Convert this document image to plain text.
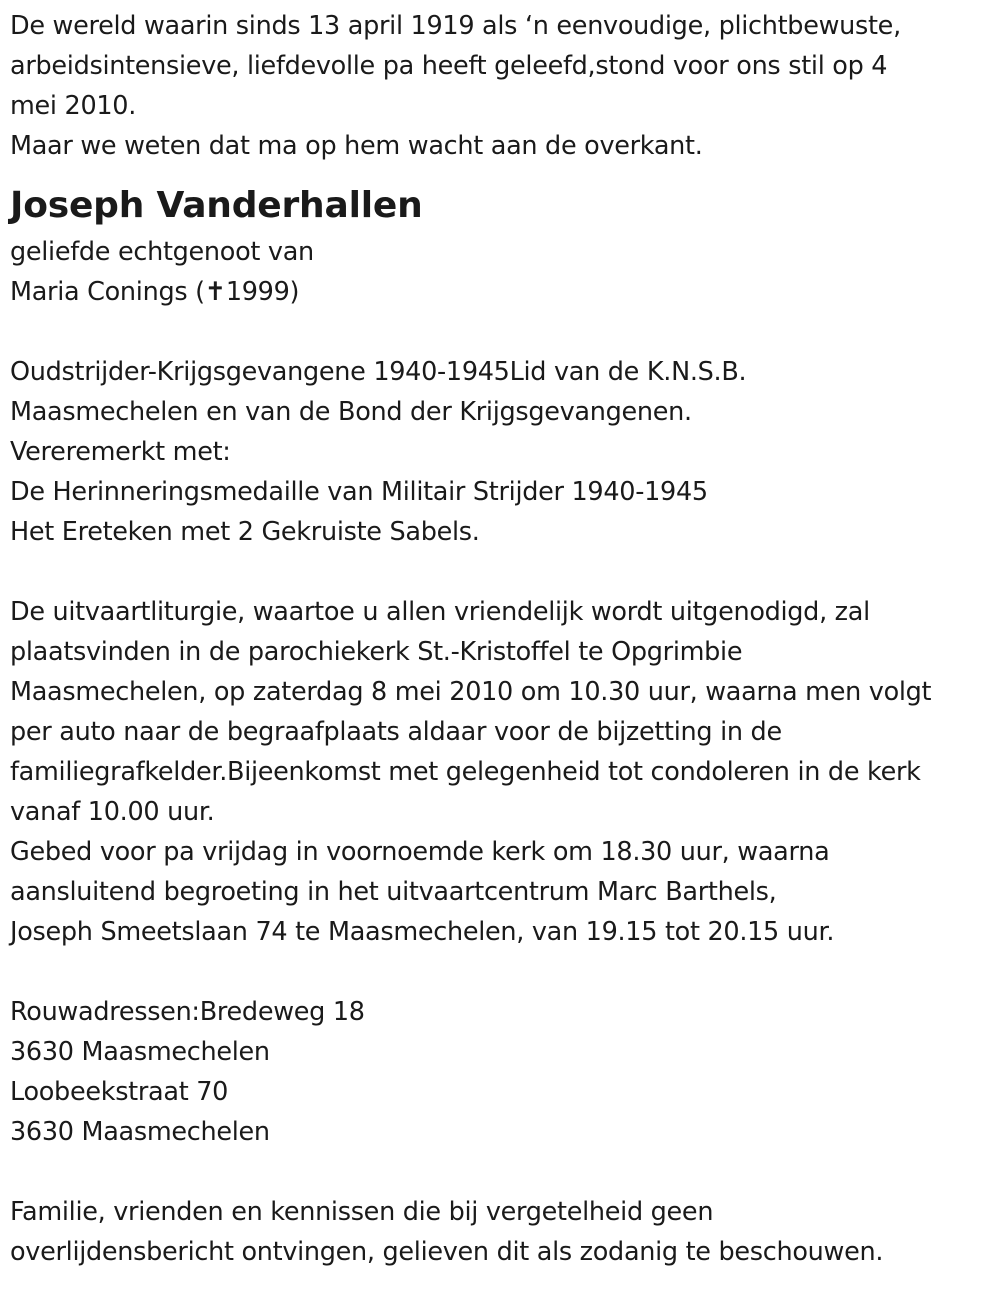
De wereld waarin sinds 13 april 1919 als ‘n eenvoudige, plichtbewuste,
arbeidsintensieve, liefdevolle pa heeft geleefd,stond voor ons stil op 4
mei 2010.
Maar we weten dat ma op hem wacht aan de overkant.
Joseph Vanderhallen
geliefde echtgenoot van
Maria Conings (✝1999)
Oudstrijder-Krijgsgevangene 1940-1945Lid van de K.N.S.B.
Maasmechelen en van de Bond der Krijgsgevangenen.
Vereremerkt met:
De Herinneringsmedaille van Militair Strijder 1940-1945
Het Ereteken met 2 Gekruiste Sabels.
De uitvaartliturgie, waartoe u allen vriendelijk wordt uitgenodigd, zal
plaatsvinden in de parochiekerk St.-Kristoffel te Opgrimbie
Maasmechelen, op zaterdag 8 mei 2010 om 10.30 uur, waarna men volgt
per auto naar de begraafplaats aldaar voor de bijzetting in de
familiegrafkelder.Bijeenkomst met gelegenheid tot condoleren in de kerk
vanaf 10.00 uur.
Gebed voor pa vrijdag in voornoemde kerk om 18.30 uur, waarna
aansluitend begroeting in het uitvaartcentrum Marc Barthels,
Joseph Smeetslaan 74 te Maasmechelen, van 19.15 tot 20.15 uur.
Rouwadressen:Bredeweg 18
3630 Maasmechelen
Loobeekstraat 70
3630 Maasmechelen
Familie, vrienden en kennissen die bij vergetelheid geen
overlijdensbericht ontvingen, gelieven dit als zodanig te beschouwen.
